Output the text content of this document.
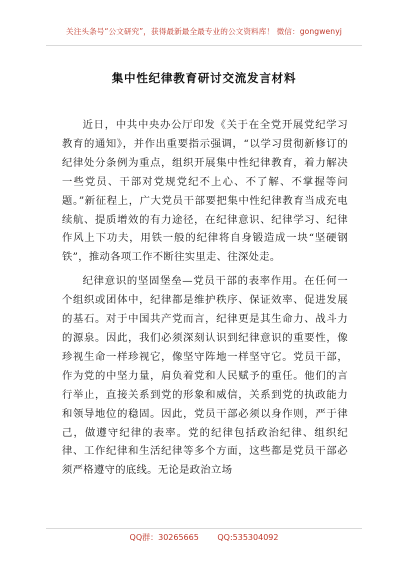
关注头条号“公文研究”，获得最新最全最专业的公文资料库！ 微信：gongwenyj
集中性纪律教育研讨交流发言材料

近日，中共中央办公厅印发《关于在全党开展党纪学习教育的通知》，并作出重要指示强调，“以学习贯彻新修订的纪律处分条例为重点，组织开展集中性纪律教育，着力解决一些党员、干部对党规党纪不上心、不了解、不掌握等问题。”新征程上，广大党员干部要把集中性纪律教育当成充电续航、提质增效的有力途径，在纪律意识、纪律学习、纪律作风上下功夫，用铁一般的纪律将自身锻造成一块“坚硬钢铁”，推动各项工作不断往实里走、往深处走。

纪律意识的坚固堡垒—党员干部的表率作用。在任何一个组织或团体中，纪律都是维护秩序、保证效率、促进发展的基石。对于中国共产党而言，纪律更是其生命力、战斗力的源泉。因此，我们必须深刻认识到纪律意识的重要性，像珍视生命一样珍视它，像坚守阵地一样坚守它。党员干部，作为党的中坚力量，肩负着党和人民赋予的重任。他们的言行举止，直接关系到党的形象和威信，关系到党的执政能力和领导地位的稳固。因此，党员干部必须以身作则，严于律己，做遵守纪律的表率。党的纪律包括政治纪律、组织纪律、工作纪律和生活纪律等多个方面，这些都是党员干部必须严格遵守的底线。无论是政治立场

QQ群：30265665 QQ:535304092
